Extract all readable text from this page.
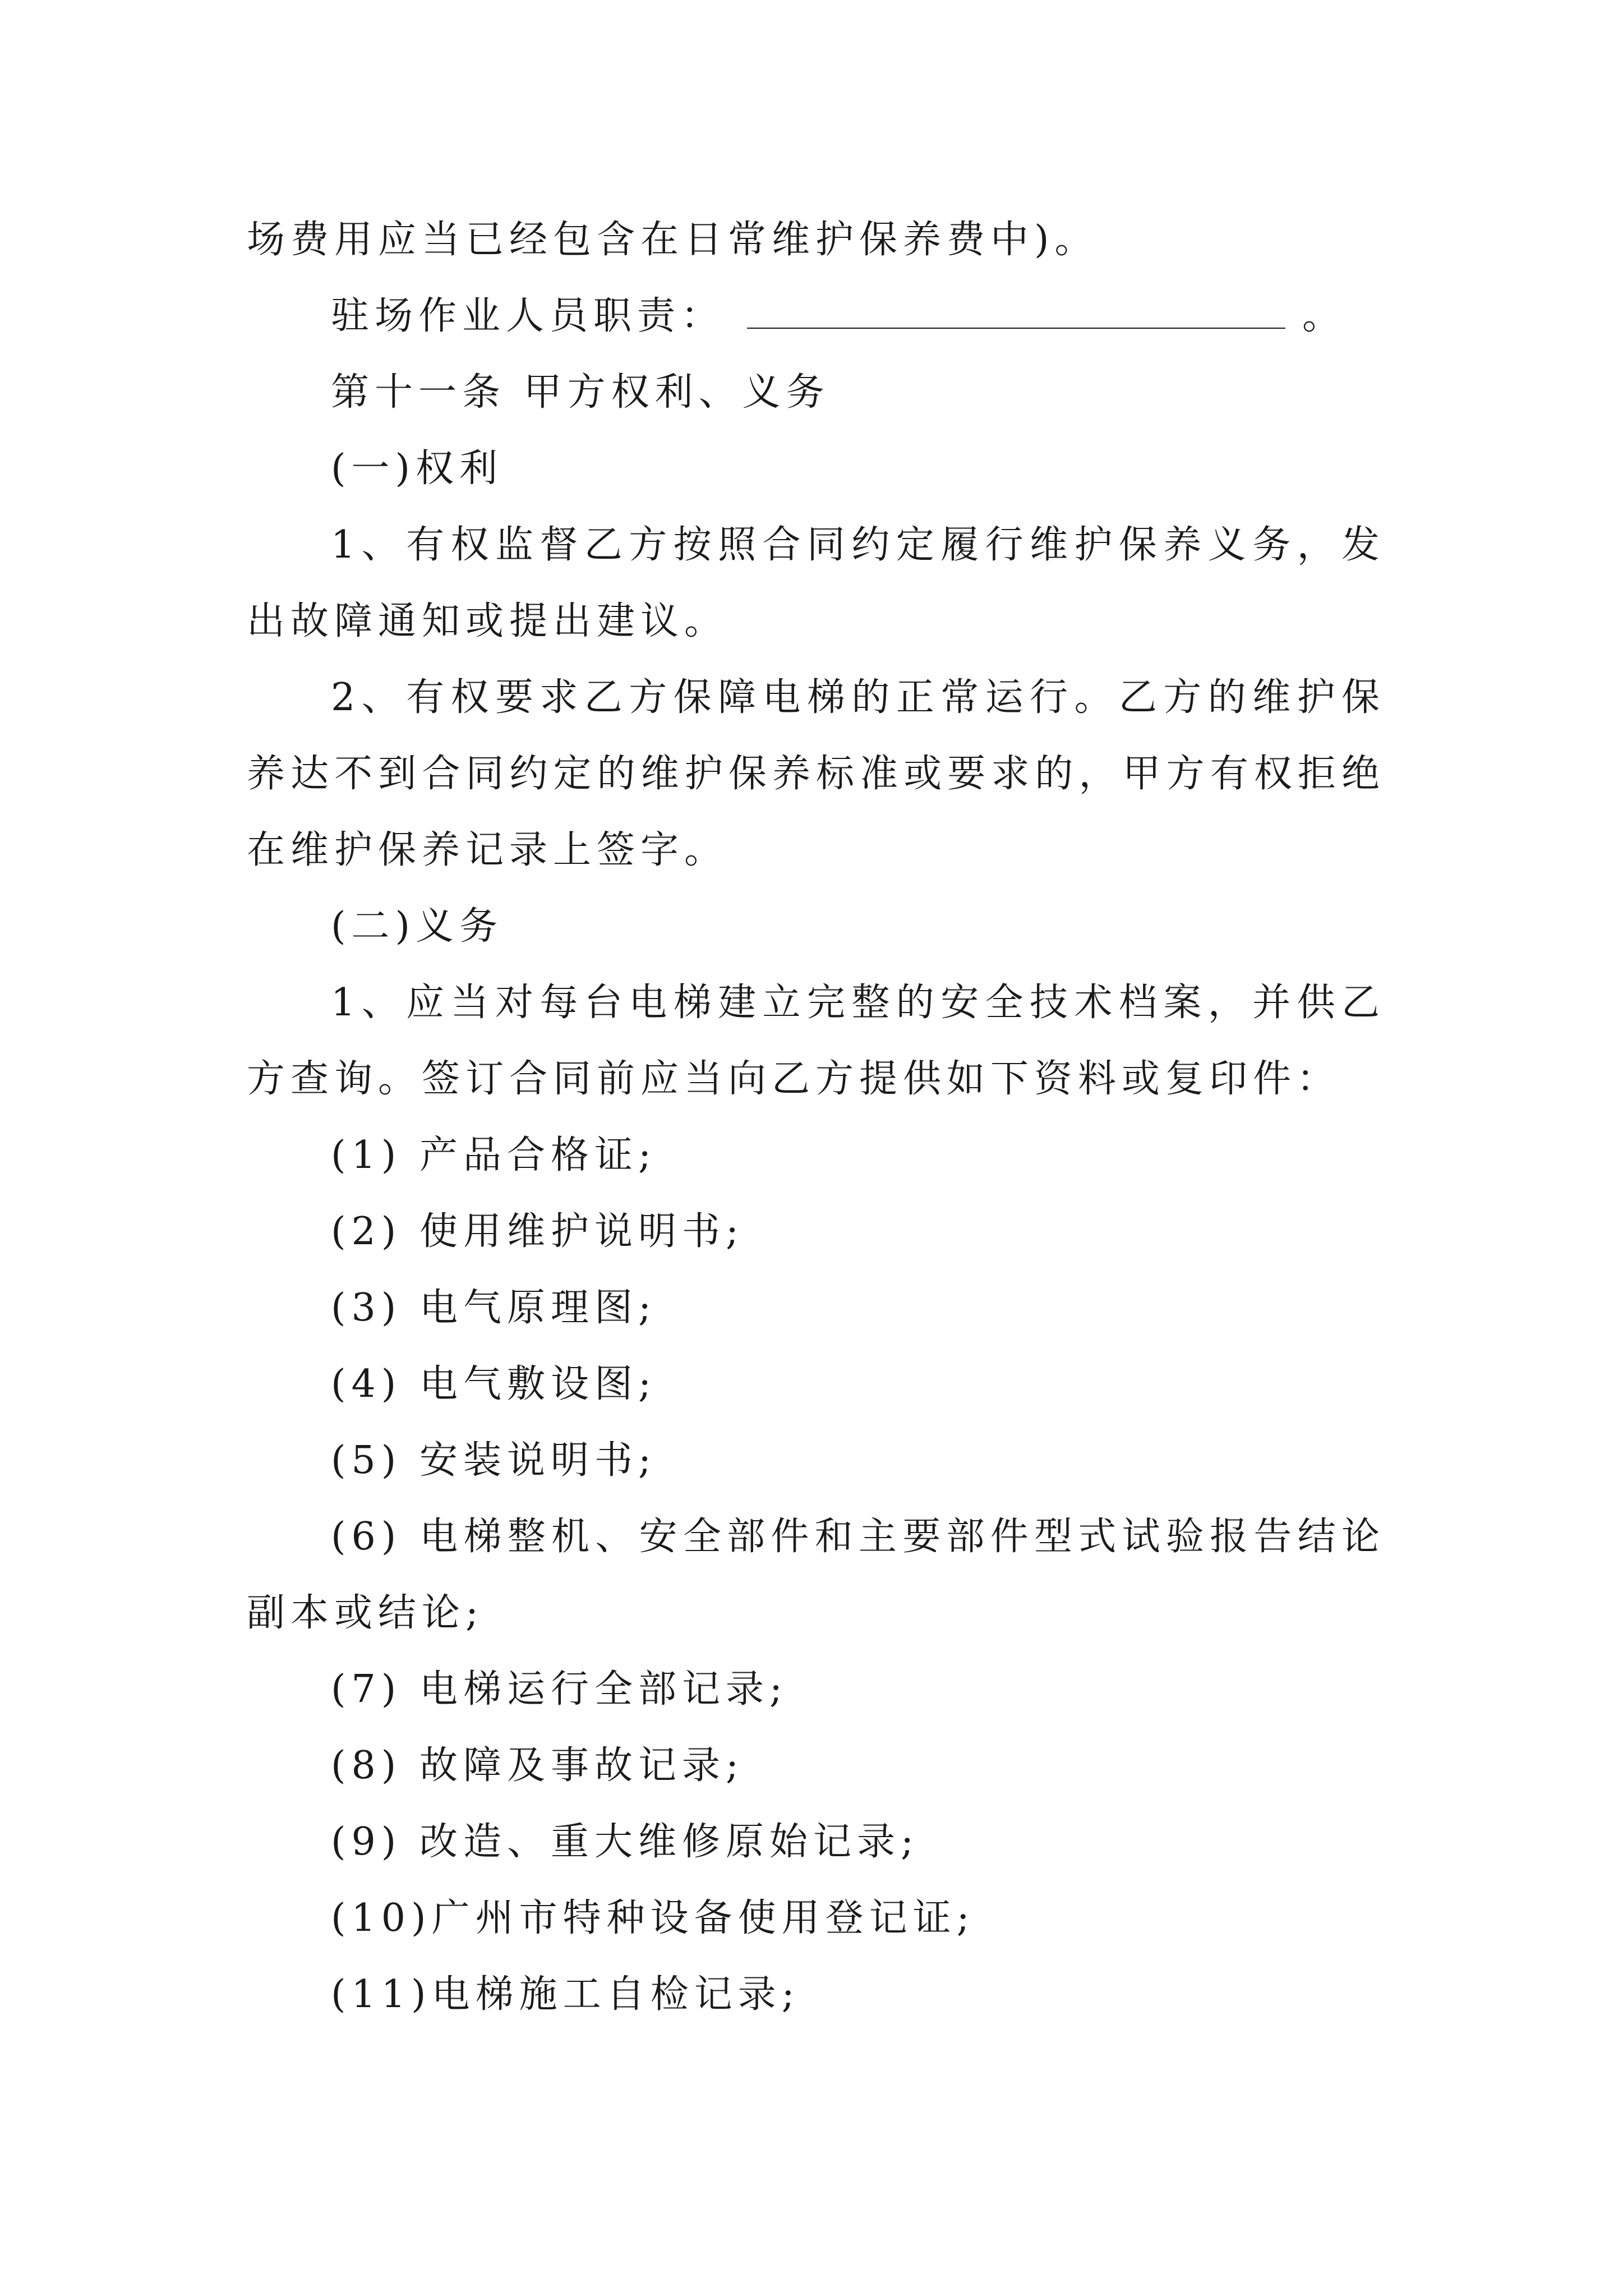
场费用应当已经包含在日常维护保养费中)。

驻场作业人员职责：	。

第十一条 甲方权利、义务

(一)权利

1、有权监督乙方按照合同约定履行维护保养义务，发出故障通知或提出建议。

2、有权要求乙方保障电梯的正常运行。乙方的维护保养达不到合同约定的维护保养标准或要求的，甲方有权拒绝在维护保养记录上签字。

(二)义务

1、应当对每台电梯建立完整的安全技术档案，并供乙方查询。签订合同前应当向乙方提供如下资料或复印件：

(1) 产品合格证;

(2) 使用维护说明书;

(3) 电气原理图;

(4) 电气敷设图;

(5) 安装说明书;

(6) 电梯整机、安全部件和主要部件型式试验报告结论副本或结论;

(7) 电梯运行全部记录;

(8) 故障及事故记录;

(9) 改造、重大维修原始记录;

(10)广州市特种设备使用登记证;

(11)电梯施工自检记录;
